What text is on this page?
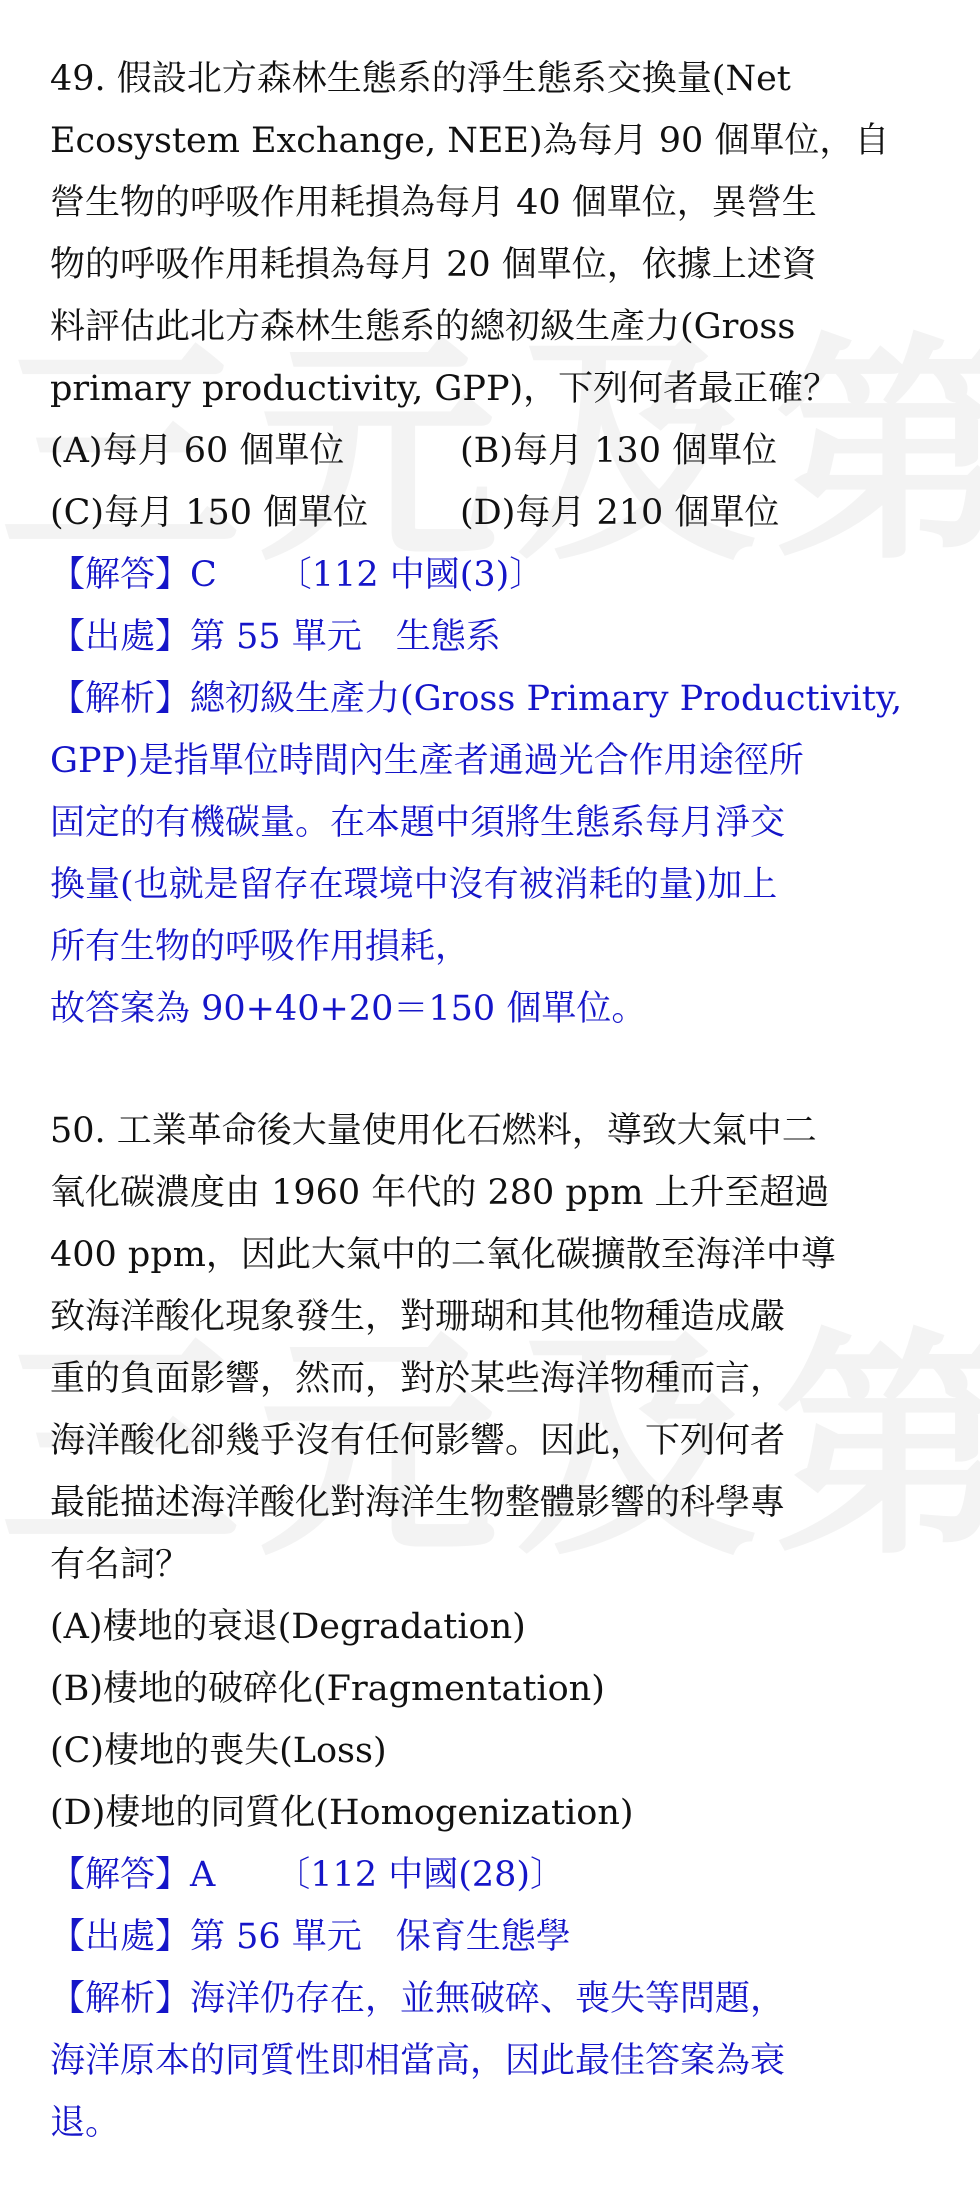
49. 假設北方森林生態系的淨生態系交換量(Net
Ecosystem Exchange, NEE)為每月 90 個單位，自
營生物的呼吸作用耗損為每月 40 個單位，異營生
物的呼吸作用耗損為每月 20 個單位，依據上述資
料評估此北方森林生態系的總初級生產力(Gross
primary productivity, GPP)，下列何者最正確？
(A)每月 60 個單位	(B)每月 130 個單位
(C)每月 150 個單位	(D)每月 210 個單位
【解答】C 〔112 中國(3)〕
【出處】第 55 單元 生態系
【解析】總初級生產力(Gross Primary Productivity,
GPP)是指單位時間內生產者通過光合作用途徑所
固定的有機碳量。在本題中須將生態系每月淨交
換量(也就是留存在環境中沒有被消耗的量)加上
所有生物的呼吸作用損耗，
故答案為 90+40+20＝150 個單位。
50. 工業革命後大量使用化石燃料，導致大氣中二
氧化碳濃度由 1960 年代的 280 ppm 上升至超過
400 ppm，因此大氣中的二氧化碳擴散至海洋中導
致海洋酸化現象發生，對珊瑚和其他物種造成嚴
重的負面影響，然而，對於某些海洋物種而言，
海洋酸化卻幾乎沒有任何影響。因此，下列何者
最能描述海洋酸化對海洋生物整體影響的科學專
有名詞？
(A)棲地的衰退(Degradation)
(B)棲地的破碎化(Fragmentation)
(C)棲地的喪失(Loss)
(D)棲地的同質化(Homogenization)
【解答】A 〔112 中國(28)〕
【出處】第 56 單元 保育生態學
【解析】海洋仍存在，並無破碎、喪失等問題，
海洋原本的同質性即相當高，因此最佳答案為衰
退。
